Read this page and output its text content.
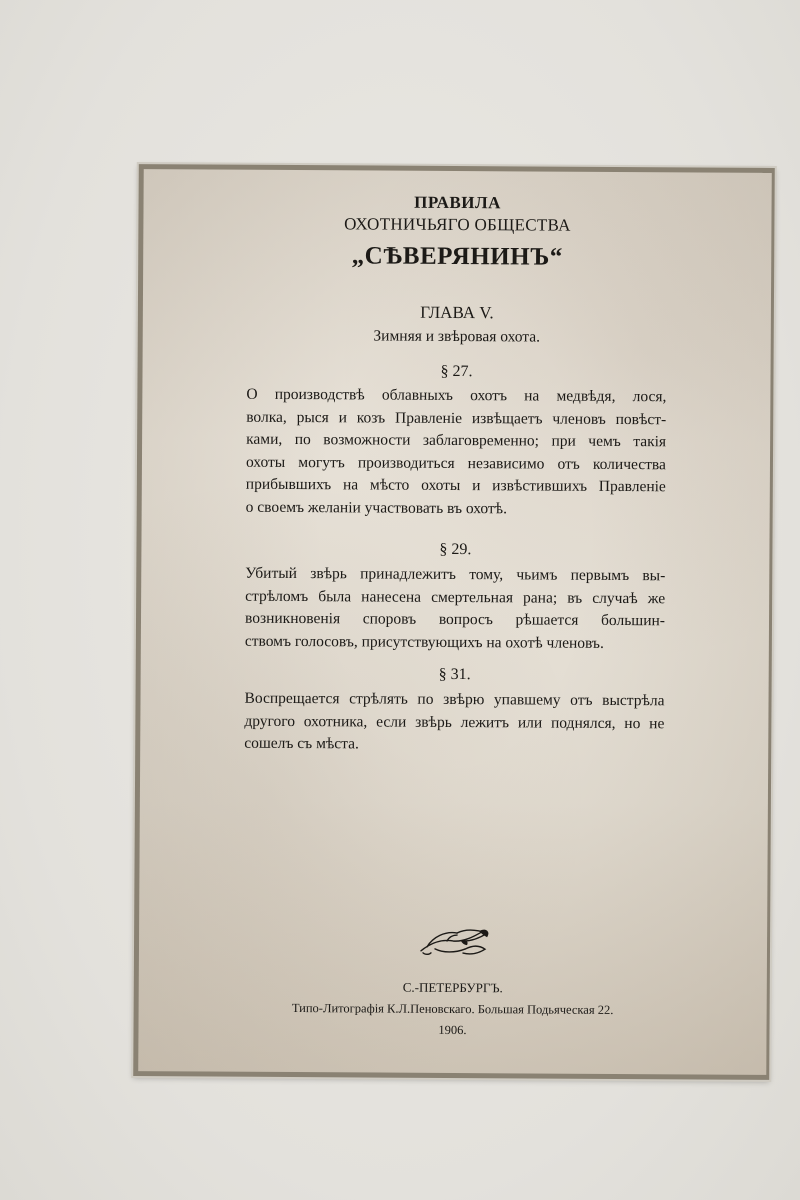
ПРАВИЛА
ОХОТНИЧЬЯГО ОБЩЕСТВА
„СѢВЕРЯНИНЪ“
ГЛАВА V.
Зимняя и звѣровая охота.
§ 27.
О производствѣ облавныхъ охотъ на медвѣдя, лося,
волка, рыся и козъ Правленіе извѣщаетъ членовъ повѣст-
ками, по возможности заблаговременно; при чемъ такія
охоты могутъ производиться независимо отъ количества
прибывшихъ на мѣсто охоты и извѣстившихъ Правленіе
о своемъ желаніи участвовать въ охотѣ.
§ 29.
Убитый звѣрь принадлежитъ тому, чьимъ первымъ вы-
стрѣломъ была нанесена смертельная рана; въ случаѣ же
возникновенія споровъ вопросъ рѣшается большин-
ствомъ голосовъ, присутствующихъ на охотѣ членовъ.
§ 31.
Воспрещается стрѣлять по звѣрю упавшему отъ выстрѣла
другого охотника, если звѣрь лежитъ или поднялся, но не
сошелъ съ мѣста.
С.-ПЕТЕРБУРГЪ.
Типо-Литографія К.Л.Пеновскаго. Большая Подьяческая 22.
1906.
